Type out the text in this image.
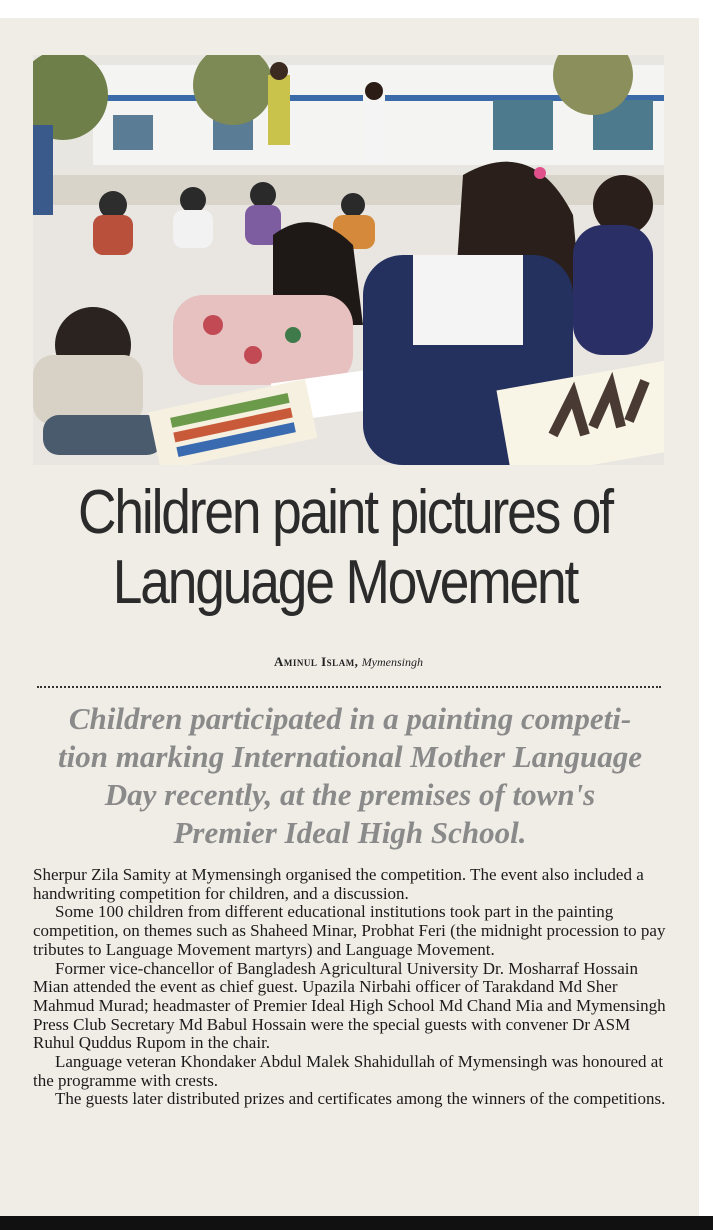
Children paint pictures of
Language Movement
Aminul Islam, Mymensingh
Children participated in a painting competi-
tion marking International Mother Language
Day recently, at the premises of town's
Premier Ideal High School.

Sherpur Zila Samity at Mymensingh organised the competition. The event also included a handwriting competition for children, and a discussion.

Some 100 children from different educational institutions took part in the painting competition, on themes such as Shaheed Minar, Probhat Feri (the midnight procession to pay tributes to Language Movement martyrs) and Language Movement.

Former vice-chancellor of Bangladesh Agricultural University Dr. Mosharraf Hossain Mian attended the event as chief guest. Upazila Nirbahi officer of Tarakdand Md Sher Mahmud Murad; headmaster of Premier Ideal High School Md Chand Mia and Mymensingh Press Club Secretary Md Babul Hossain were the special guests with convener Dr ASM Ruhul Quddus Rupom in the chair.

Language veteran Khondaker Abdul Malek Shahidullah of Mymensingh was honoured at the programme with crests.

The guests later distributed prizes and certificates among the winners of the competitions.
